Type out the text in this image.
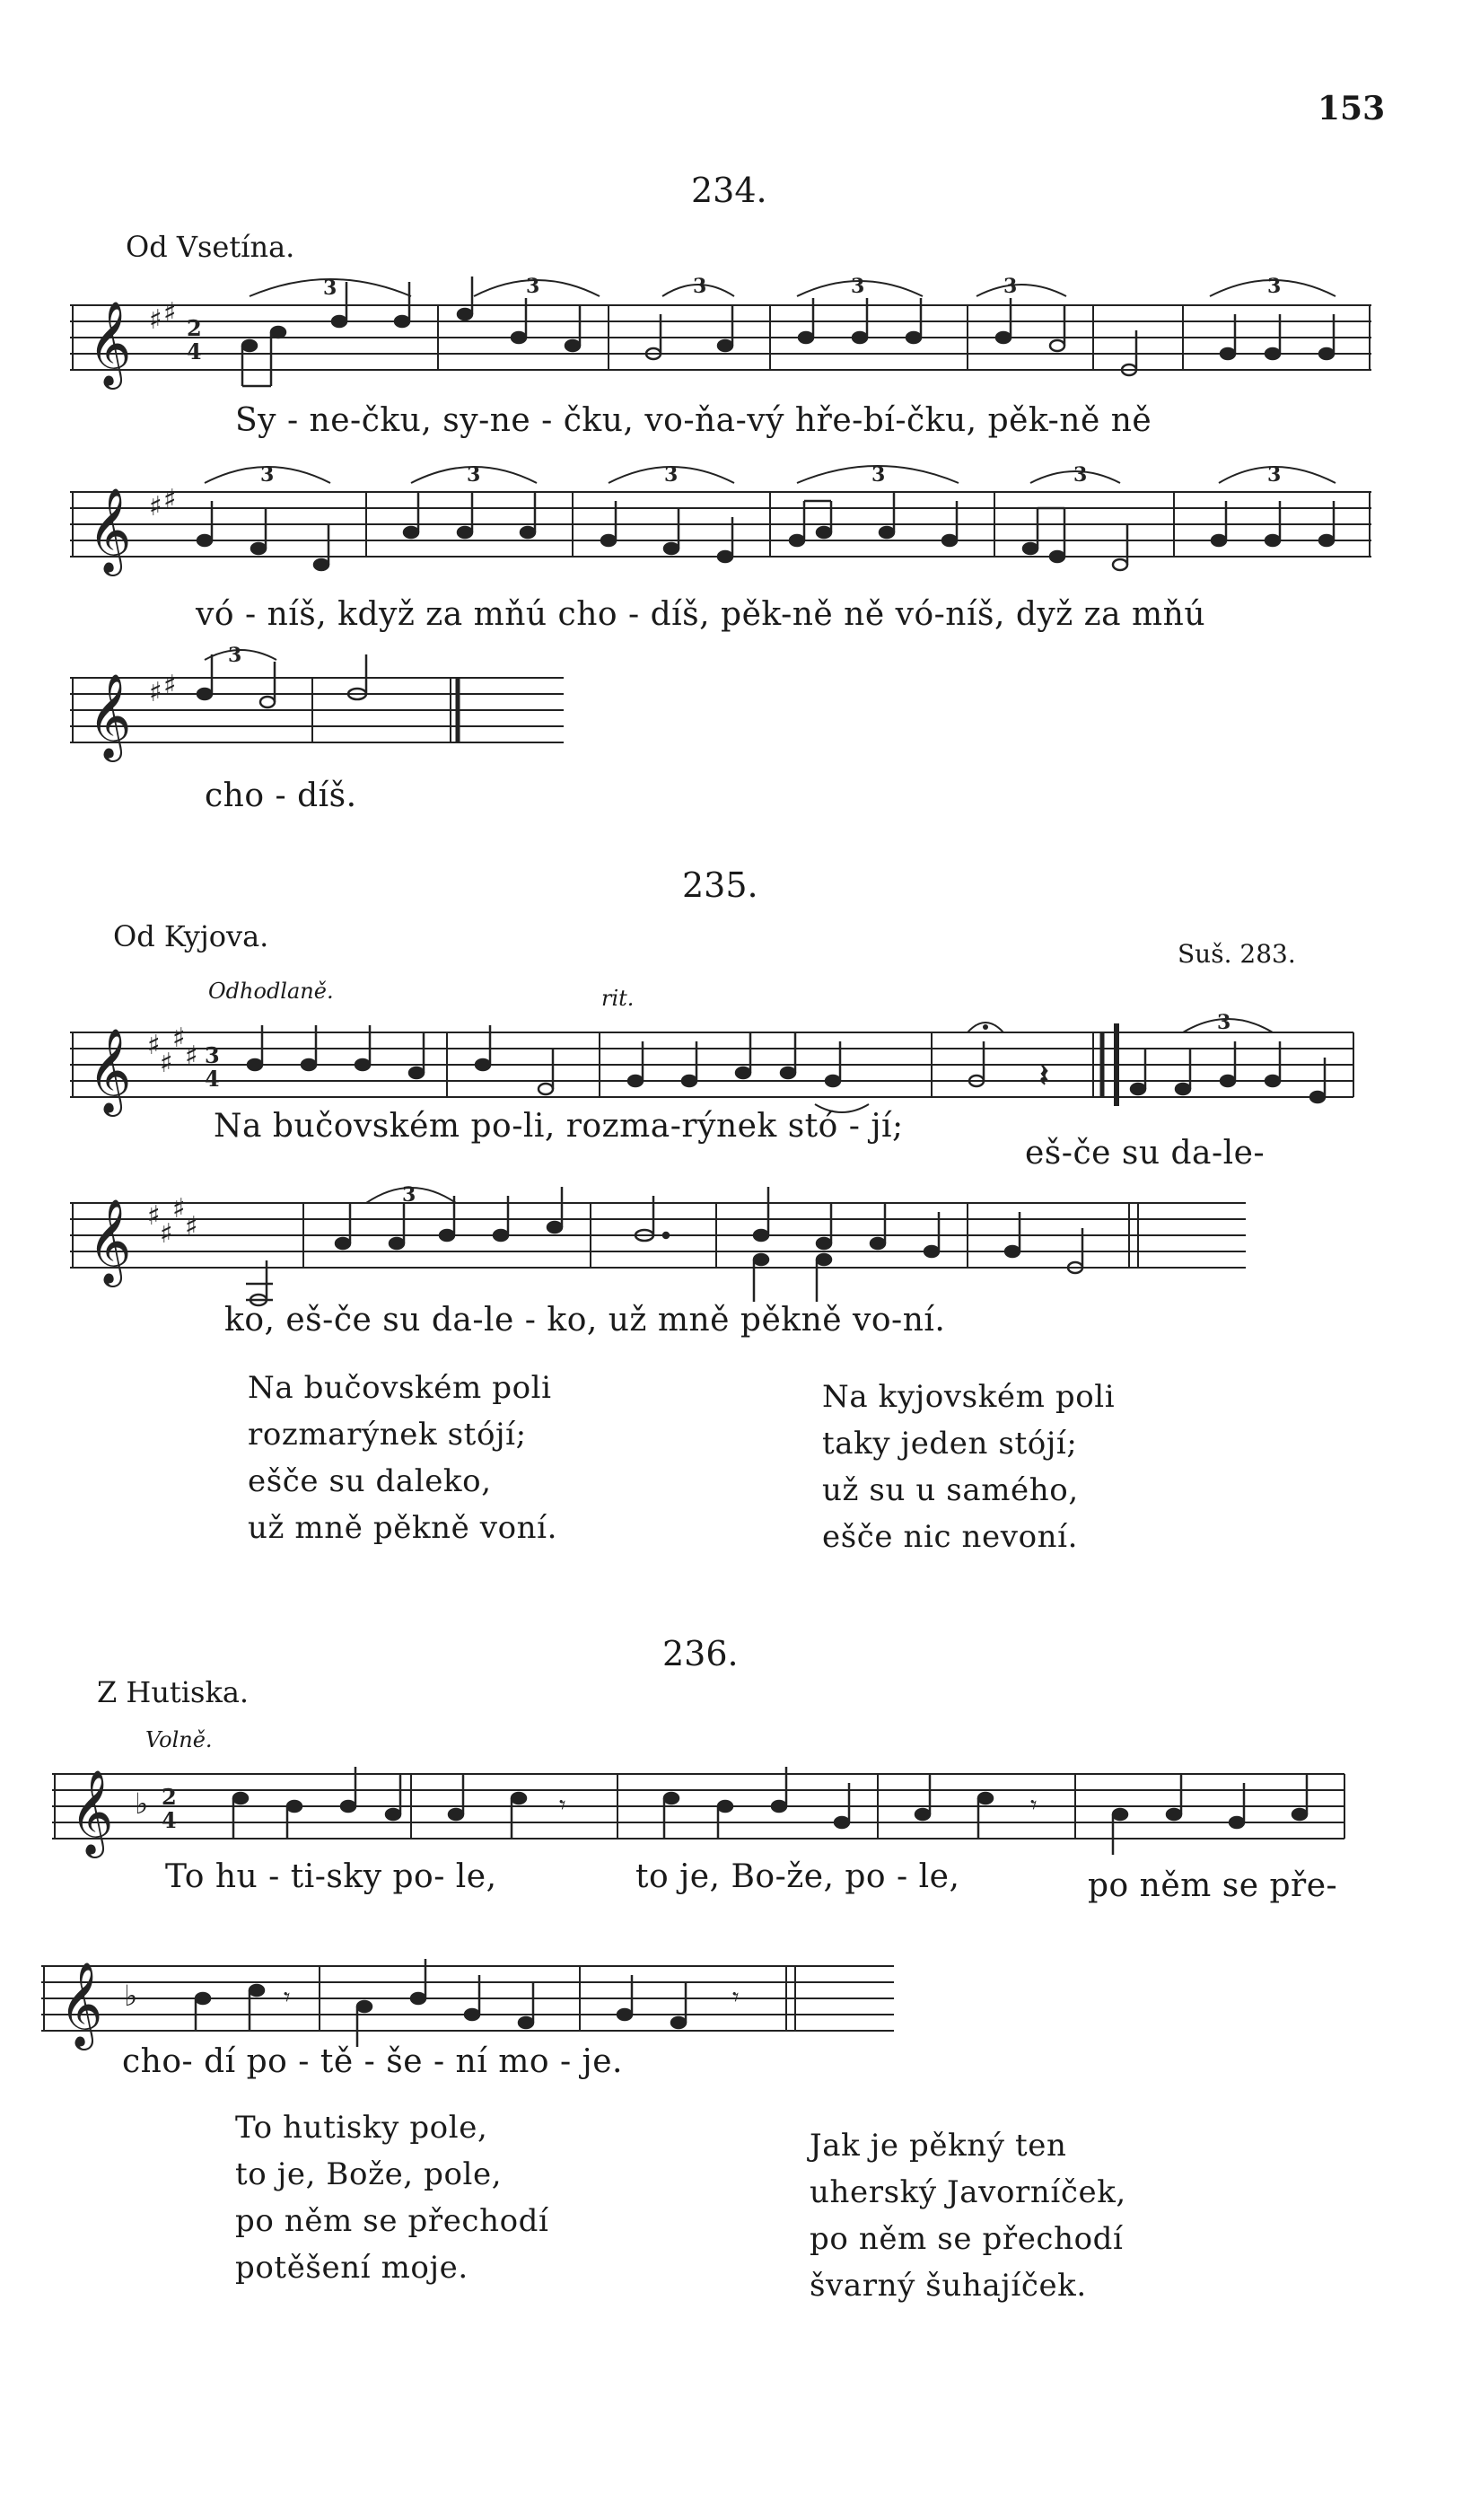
153
234.
Od Vsetína.
𝄞 ♯ ♯ 2
4
3	3	3	3	3	3
Sy - ne-čku, sy-ne - čku, vo-ňa-vý hře-bí-čku, pěk-ně ně
𝄞 ♯ ♯
3	3	3	3	3	3
vó - níš, když za mňú cho - díš, pěk-ně ně vó-níš, dyž za mňú
𝄞 ♯ ♯
3
cho - díš.
235.
Od Kyjova.
Suš. 283.
Odhodlaně.	rit.
𝄞 ♯
♯
♯
♯ 3
4
3
𝄽
Na bučovském po-li, rozma-rýnek stó - jí;
eš-če su da-le-
𝄞 ♯
♯
♯
♯
3
ko, eš-če su da-le - ko, už mně pěkně vo-ní.
Na bučovském poli
rozmarýnek stójí;
ešče su daleko,
už mně pěkně voní.
Na kyjovském poli
taky jeden stójí;
už su u samého,
ešče nic nevoní.
236.
Z Hutiska.
Volně.
𝄞 ♭ 2
4
𝄾	𝄾
To hu - ti-sky po- le,	to je, Bo-že, po - le,	po něm se pře-
𝄞 ♭	𝄾	𝄾
cho- dí po - tě - še - ní mo - je.
To hutisky pole,
to je, Bože, pole,
po něm se přechodí
potěšení moje.
Jak je pěkný ten
uherský Javorníček,
po něm se přechodí
švarný šuhajíček.
